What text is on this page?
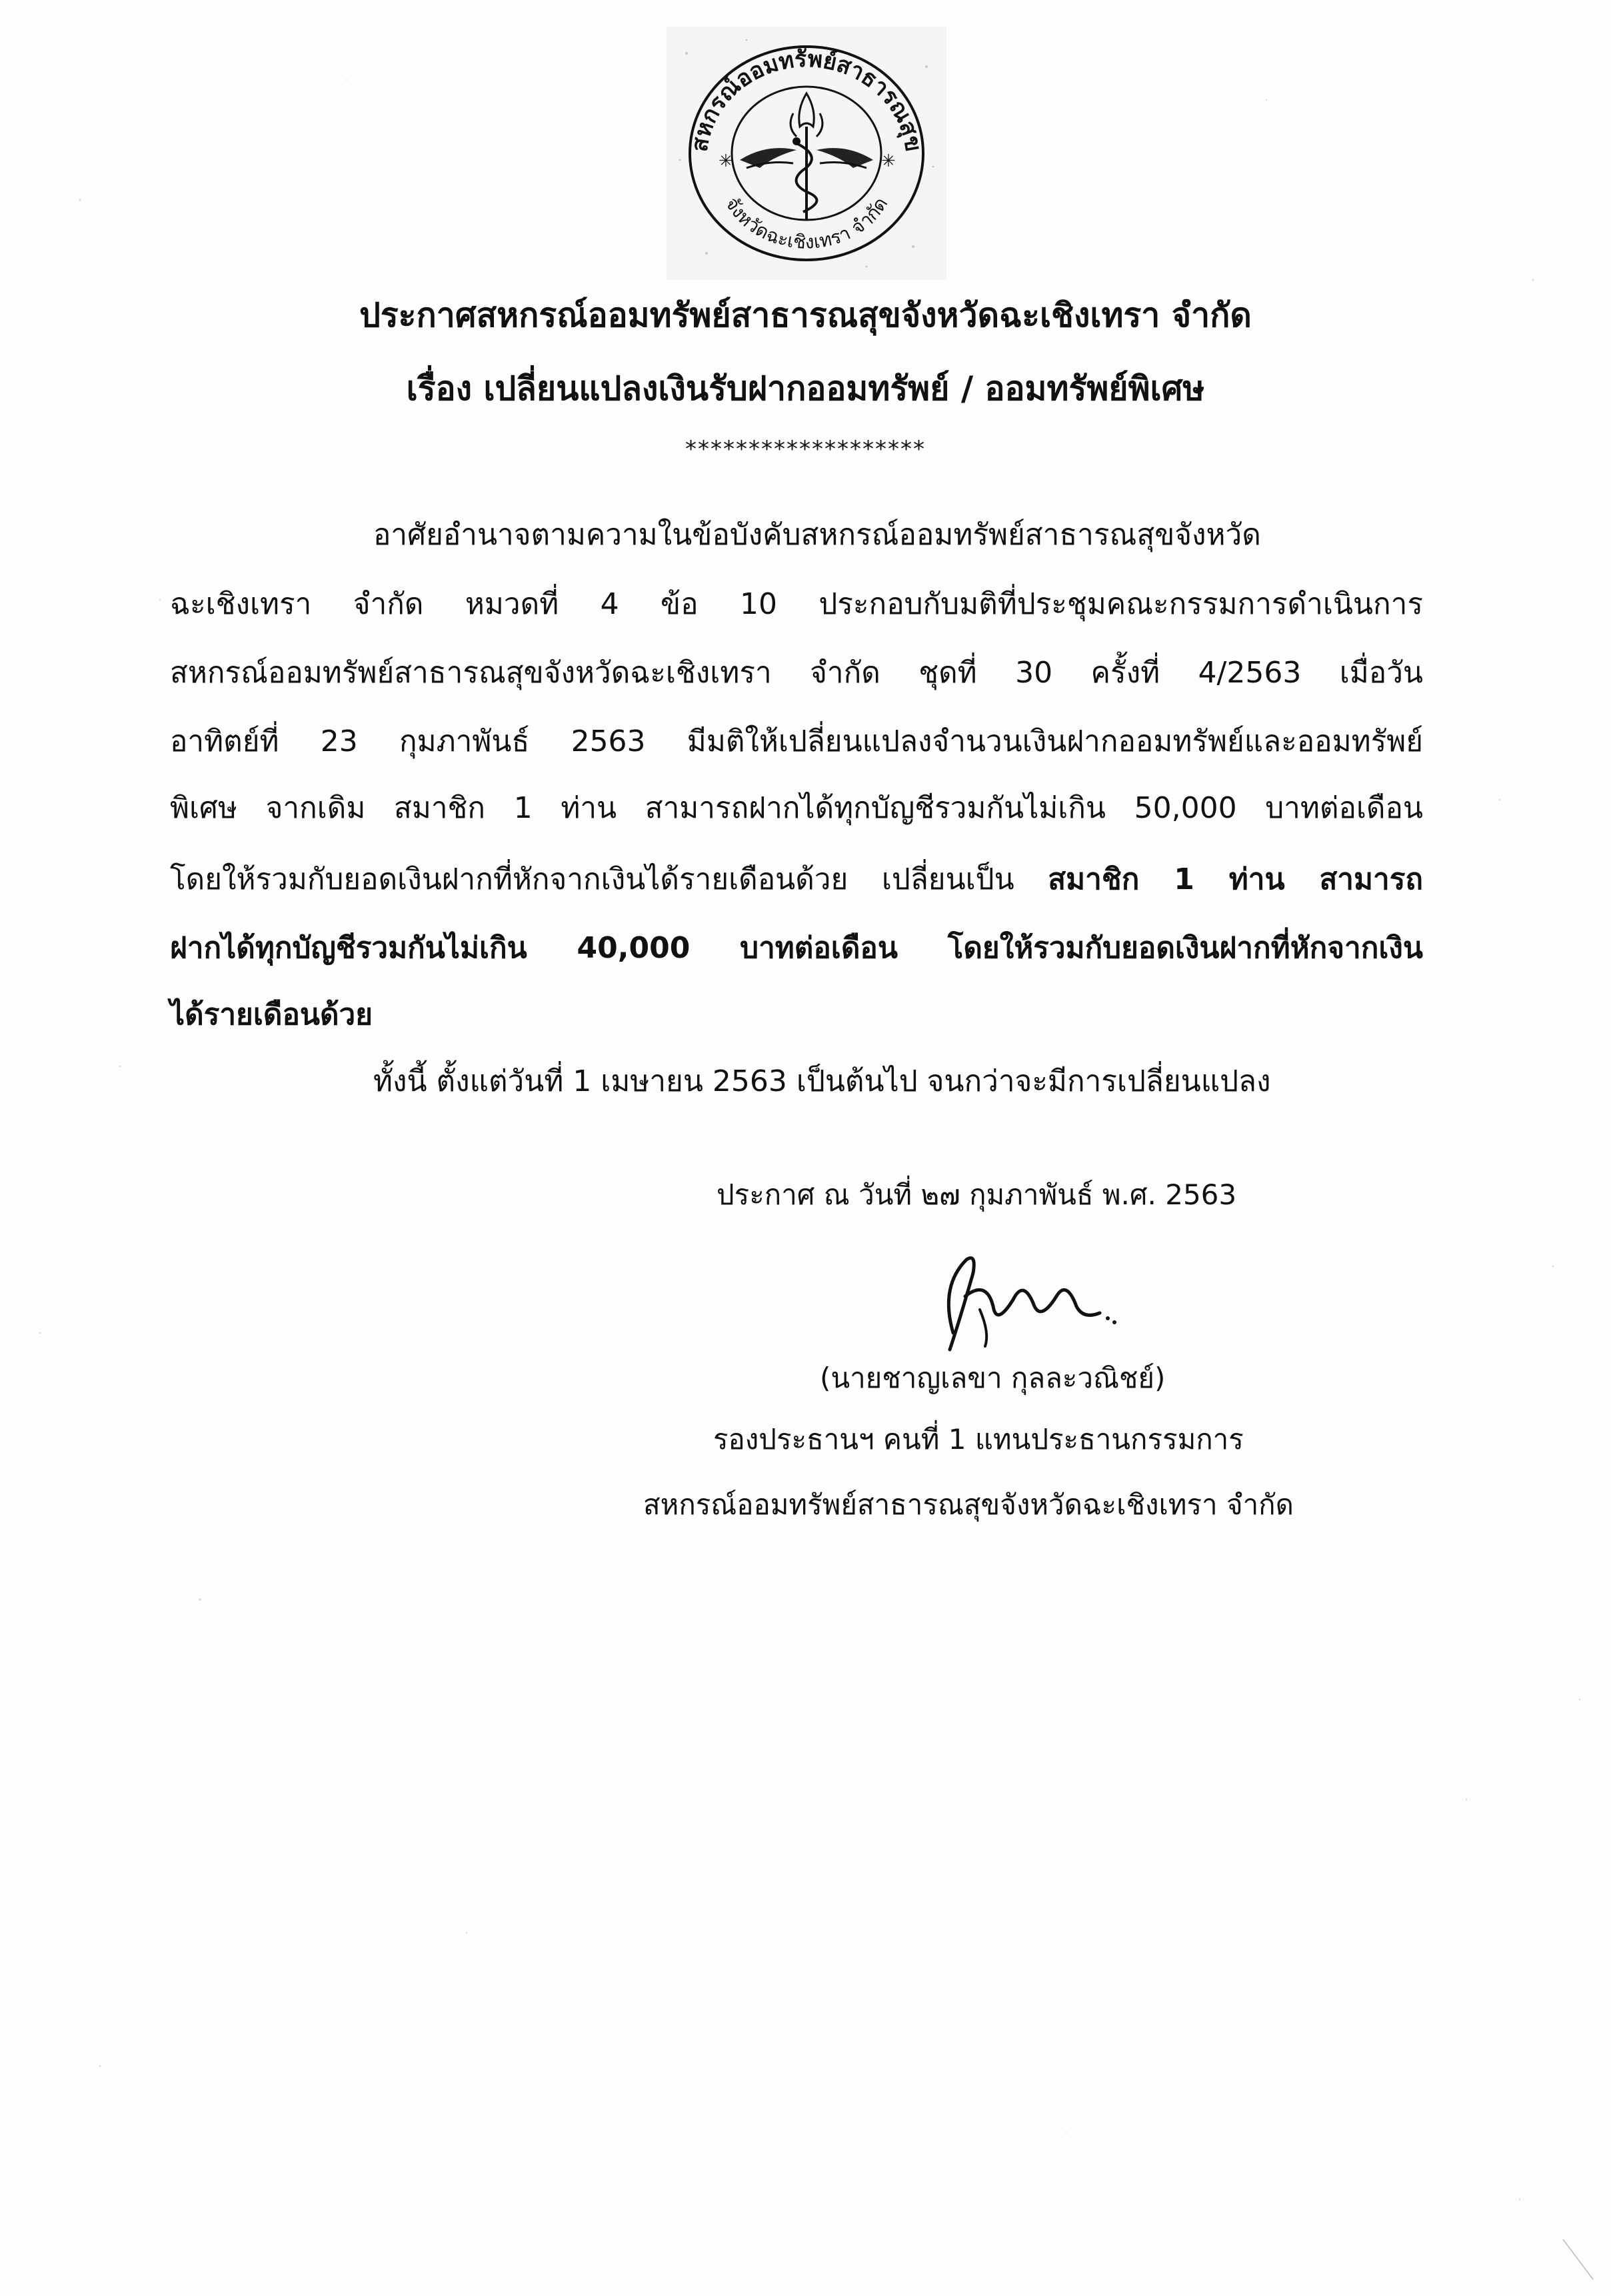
✳	✳
สหกรณ์ออมทรัพย์สาธารณสุข
จังหวัดฉะเชิงเทรา จำกัด
ประกาศสหกรณ์ออมทรัพย์สาธารณสุขจังหวัดฉะเชิงเทรา จำกัด
เรื่อง เปลี่ยนแปลงเงินรับฝากออมทรัพย์ / ออมทรัพย์พิเศษ
*******************
อาศัยอำนาจตามความในข้อบังคับสหกรณ์ออมทรัพย์สาธารณสุขจังหวัด
ฉะเชิงเทรา จำกัด หมวดที่ 4 ข้อ 10 ประกอบกับมติที่ประชุมคณะกรรมการดำเนินการ
สหกรณ์ออมทรัพย์สาธารณสุขจังหวัดฉะเชิงเทรา จำกัด ชุดที่ 30 ครั้งที่ 4/2563 เมื่อวัน
อาทิตย์ที่ 23 กุมภาพันธ์ 2563 มีมติให้เปลี่ยนแปลงจำนวนเงินฝากออมทรัพย์และออมทรัพย์
พิเศษ จากเดิม สมาชิก 1 ท่าน สามารถฝากได้ทุกบัญชีรวมกันไม่เกิน 50,000 บาทต่อเดือน
โดยให้รวมกับยอดเงินฝากที่หักจากเงินได้รายเดือนด้วย เปลี่ยนเป็น สมาชิก 1 ท่าน สามารถ
ฝากได้ทุกบัญชีรวมกันไม่เกิน 40,000 บาทต่อเดือน โดยให้รวมกับยอดเงินฝากที่หักจากเงิน
ได้รายเดือนด้วย
ทั้งนี้ ตั้งแต่วันที่ 1 เมษายน 2563 เป็นต้นไป จนกว่าจะมีการเปลี่ยนแปลง
ประกาศ ณ วันที่ ๒๗ กุมภาพันธ์ พ.ศ. 2563
(นายชาญเลขา กุลละวณิชย์)
รองประธานฯ คนที่ 1 แทนประธานกรรมการ
สหกรณ์ออมทรัพย์สาธารณสุขจังหวัดฉะเชิงเทรา จำกัด
